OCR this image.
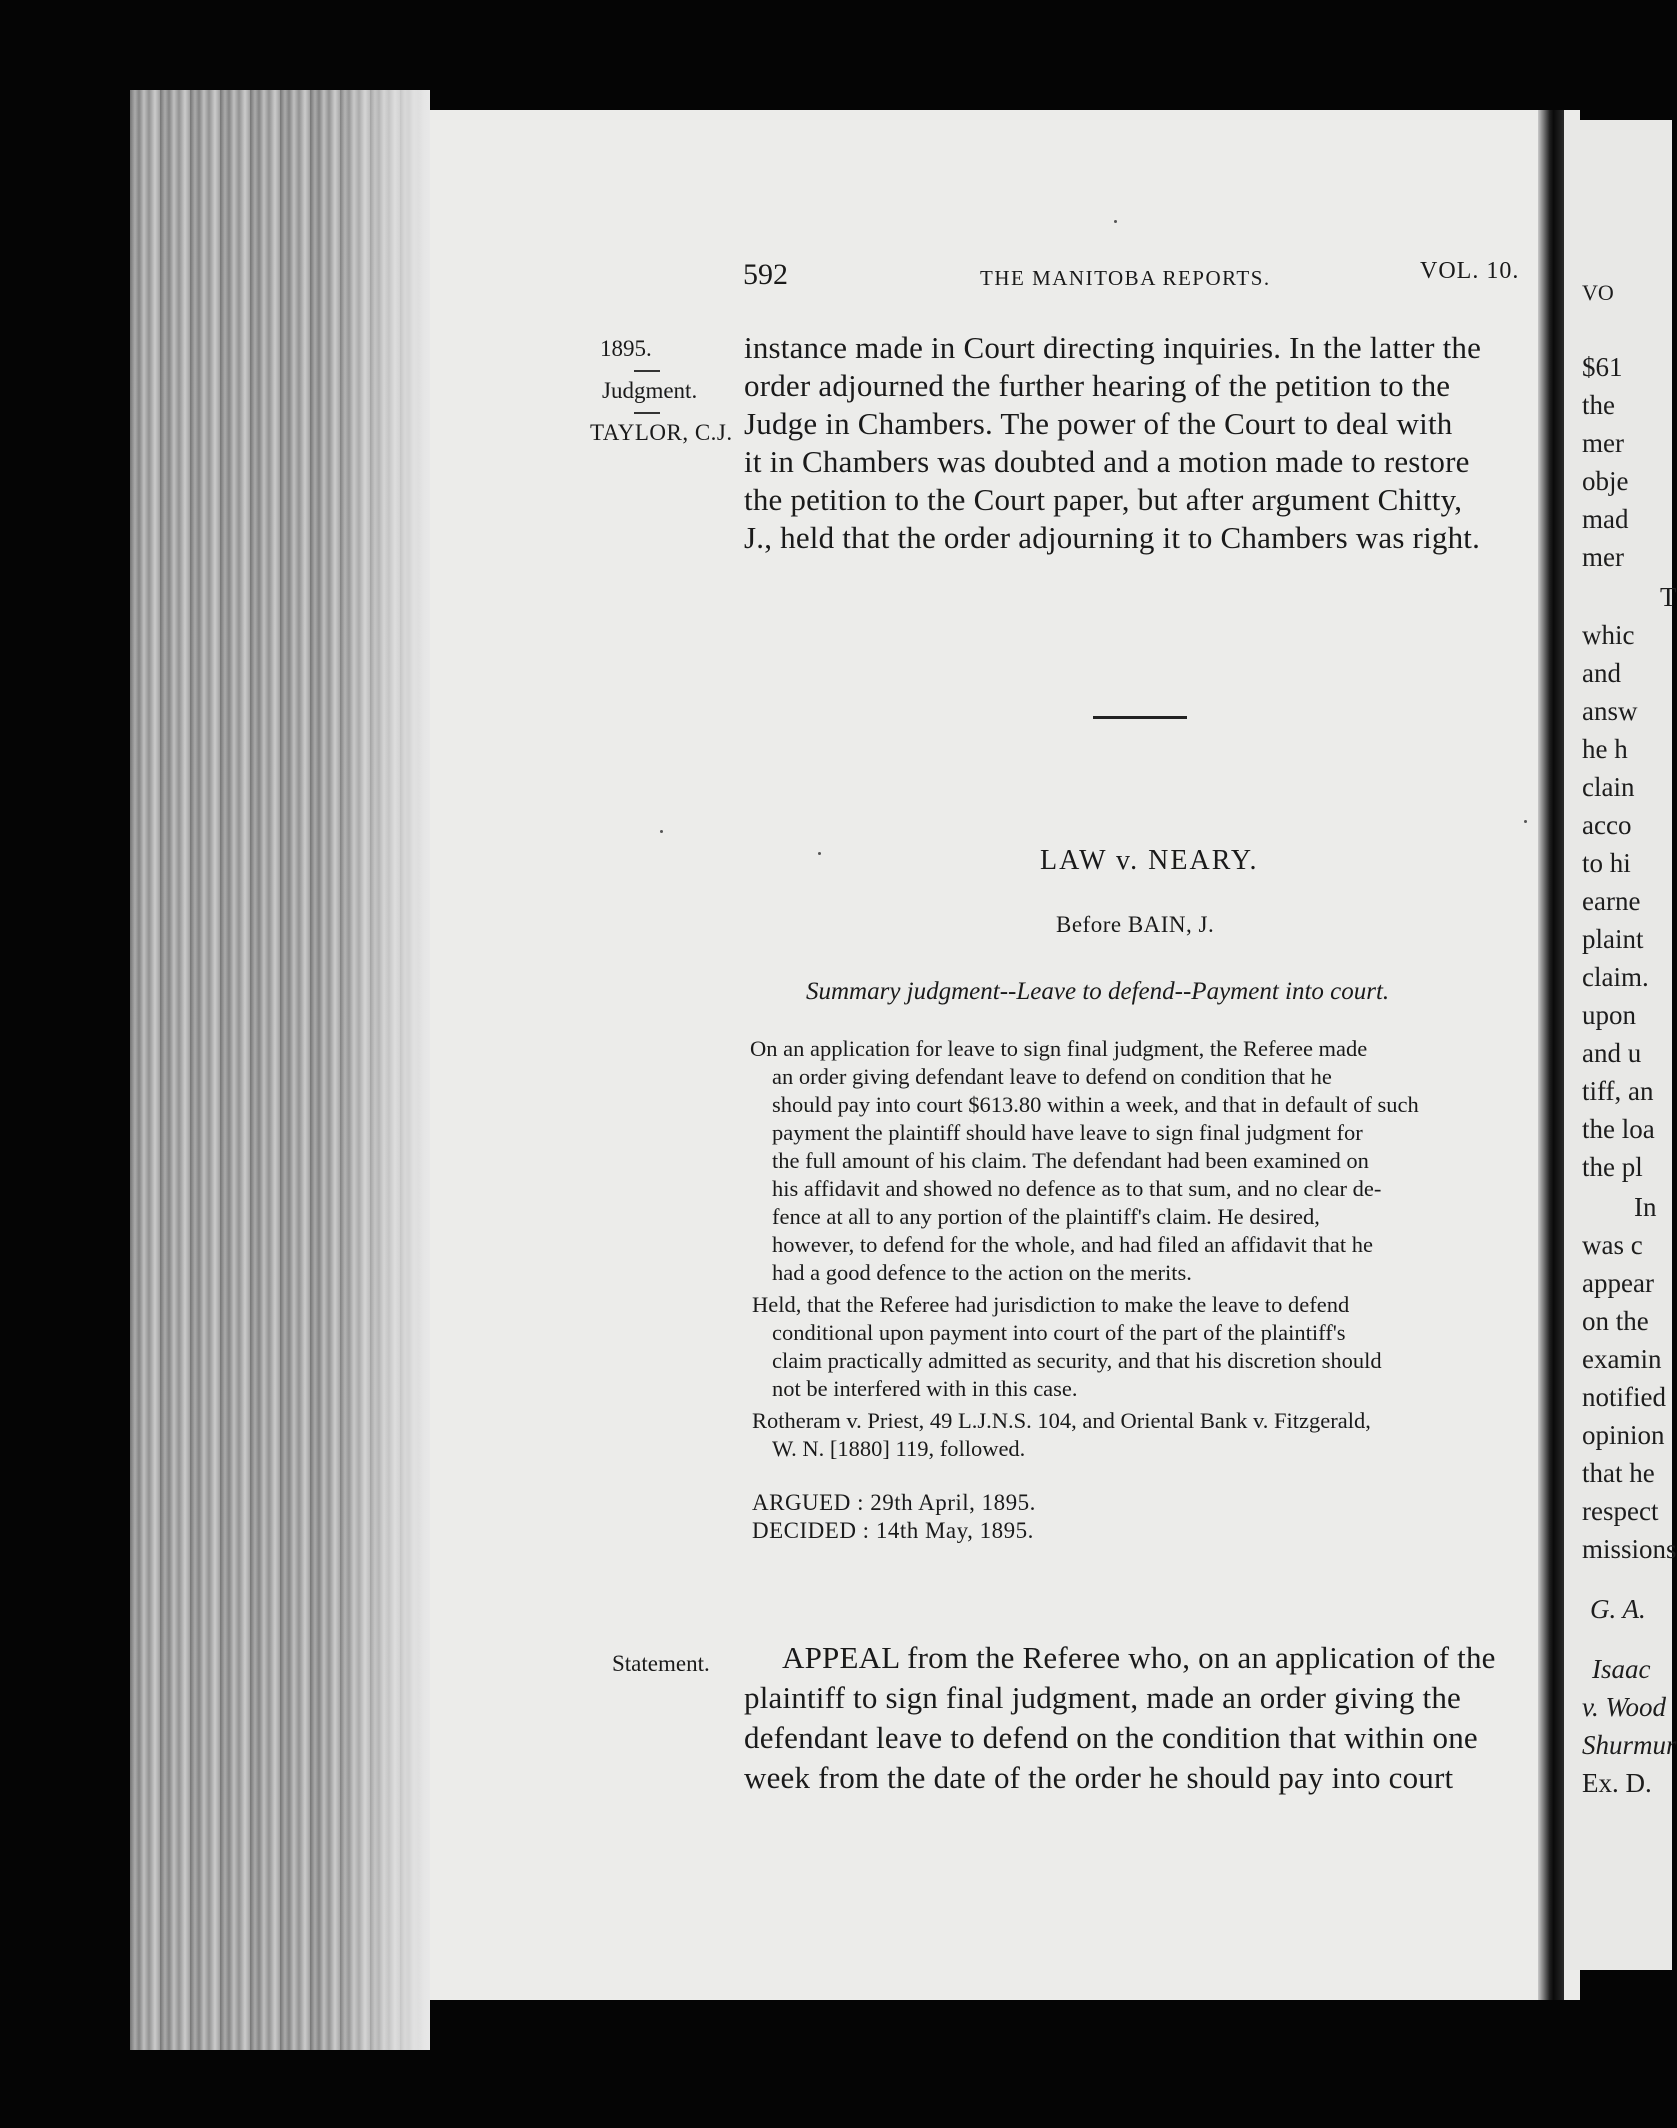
VO
$61
the
mer
obje
mad
mer
T
whic
and
answ
he h
clain
acco
to hi
earne
plaint
claim.
upon
and u
tiff, an
the loa
the pl
In
was c
appear
on the
examin
notified
opinion
that he
respect
missions
G. A.
Isaac
v. Wood
Shurmur
Ex. D.
592	THE MANITOBA REPORTS.	VOL. 10.
1895.
Judgment.
TAYLOR, C.J.
instance made in Court directing inquiries. In the latter the
order adjourned the further hearing of the petition to the
Judge in Chambers. The power of the Court to deal with
it in Chambers was doubted and a motion made to restore
the petition to the Court paper, but after argument Chitty,
J., held that the order adjourning it to Chambers was right.
LAW v. NEARY.
Before BAIN, J.
Summary judgment--Leave to defend--Payment into court.
On an application for leave to sign final judgment, the Referee made
an order giving defendant leave to defend on condition that he
should pay into court $613.80 within a week, and that in default of such
payment the plaintiff should have leave to sign final judgment for
the full amount of his claim. The defendant had been examined on
his affidavit and showed no defence as to that sum, and no clear de-
fence at all to any portion of the plaintiff's claim. He desired,
however, to defend for the whole, and had filed an affidavit that he
had a good defence to the action on the merits.
Held, that the Referee had jurisdiction to make the leave to defend
conditional upon payment into court of the part of the plaintiff's
claim practically admitted as security, and that his discretion should
not be interfered with in this case.
Rotheram v. Priest, 49 L.J.N.S. 104, and Oriental Bank v. Fitzgerald,
W. N. [1880] 119, followed.
ARGUED : 29th April, 1895.
DECIDED : 14th May, 1895.
Statement. APPEAL from the Referee who, on an application of the
plaintiff to sign final judgment, made an order giving the
defendant leave to defend on the condition that within one
week from the date of the order he should pay into court
